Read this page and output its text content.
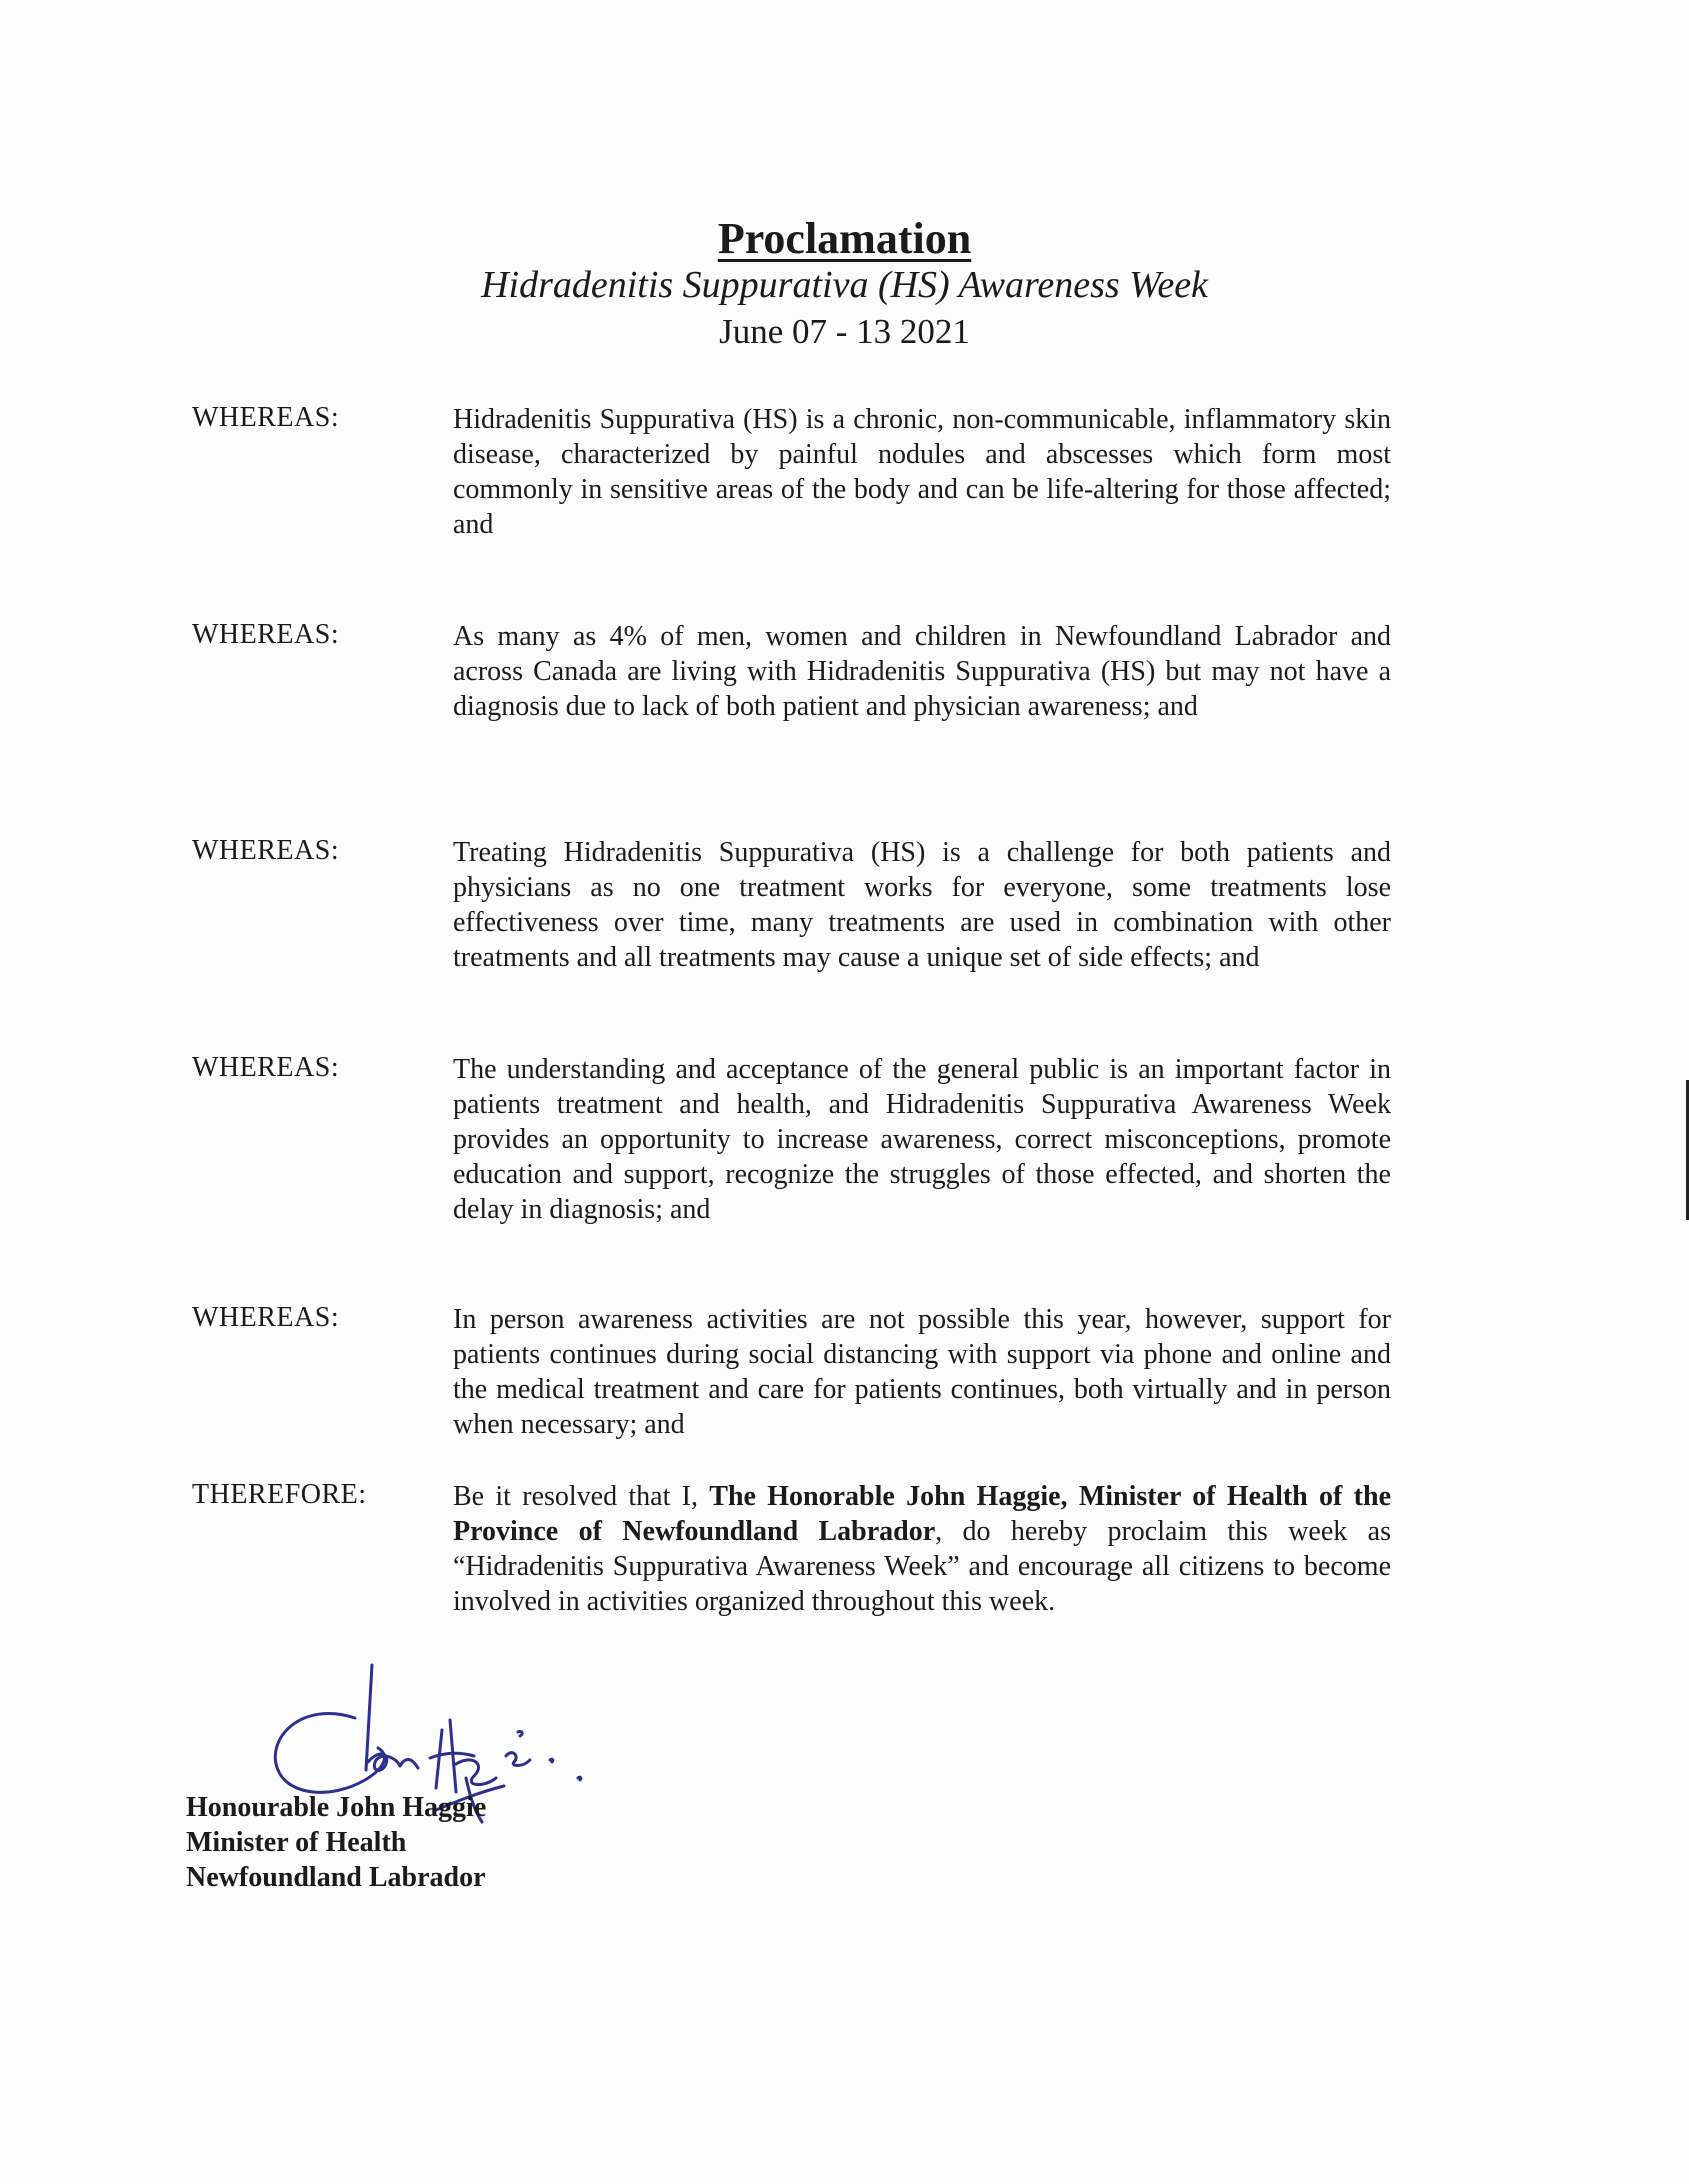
Proclamation
Hidradenitis Suppurativa (HS) Awareness Week
June 07 - 13 2021
WHEREAS:	Hidradenitis Suppurativa (HS) is a chronic, non-communicable, inflammatory skin disease, characterized by painful nodules and abscesses which form most commonly in sensitive areas of the body and can be life-altering for those affected; and
WHEREAS:	As many as 4% of men, women and children in Newfoundland Labrador and across Canada are living with Hidradenitis Suppurativa (HS) but may not have a diagnosis due to lack of both patient and physician awareness; and
WHEREAS:	Treating Hidradenitis Suppurativa (HS) is a challenge for both patients and physicians as no one treatment works for everyone, some treatments lose effectiveness over time, many treatments are used in combination with other treatments and all treatments may cause a unique set of side effects; and
WHEREAS:	The understanding and acceptance of the general public is an important factor in patients treatment and health, and Hidradenitis Suppurativa Awareness Week provides an opportunity to increase awareness, correct misconceptions, promote education and support, recognize the struggles of those effected, and shorten the delay in diagnosis; and
WHEREAS:	In person awareness activities are not possible this year, however, support for patients continues during social distancing with support via phone and online and the medical treatment and care for patients continues, both virtually and in person when necessary; and
THEREFORE:	Be it resolved that I, The Honorable John Haggie, Minister of Health of the Province of Newfoundland Labrador, do hereby proclaim this week as “Hidradenitis Suppurativa Awareness Week” and encourage all citizens to become involved in activities organized throughout this week.
Honourable John Haggie
Minister of Health
Newfoundland Labrador
